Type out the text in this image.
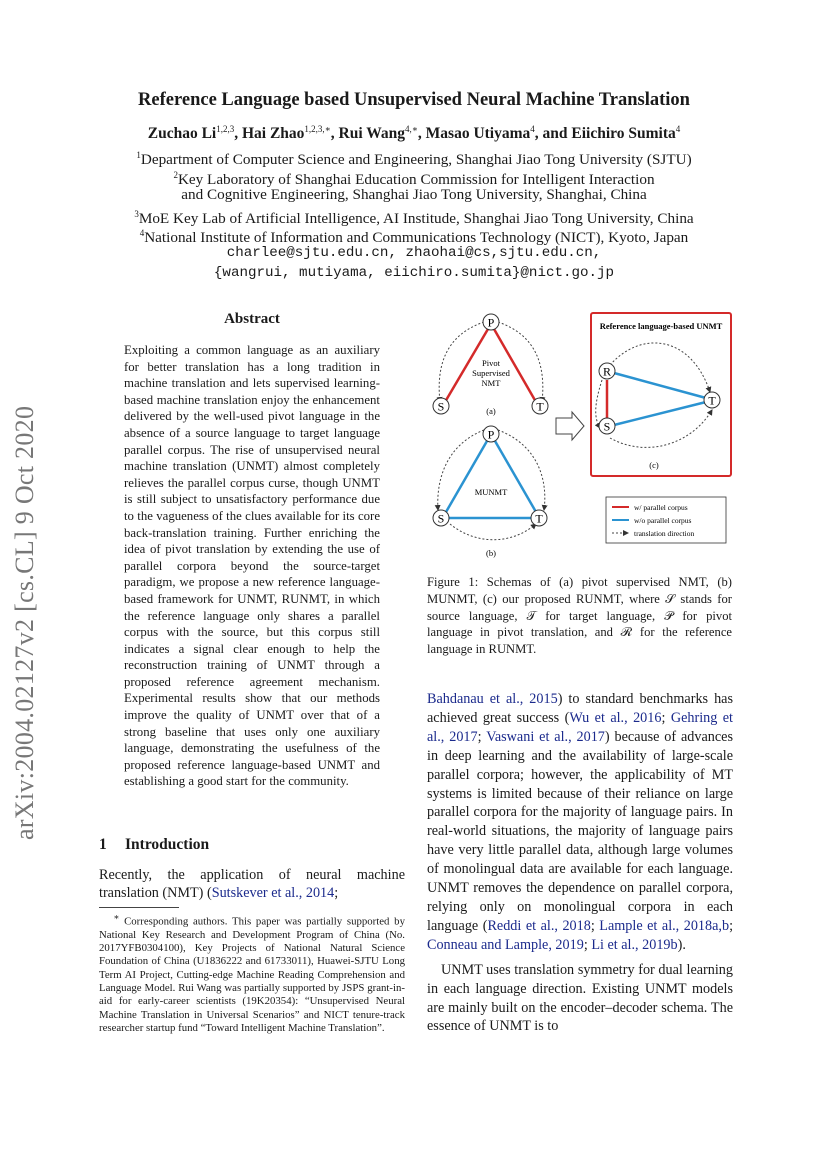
arXiv:2004.02127v2 [cs.CL] 9 Oct 2020
Reference Language based Unsupervised Neural Machine Translation
Zuchao Li$^{1,2,3}$, Hai Zhao$^{1,2,3,∗}$, Rui Wang$^{4,∗}$, Masao Utiyama$^4$, and Eiichiro Sumita$^4$
$^1$Department of Computer Science and Engineering, Shanghai Jiao Tong University (SJTU)
$^2$Key Laboratory of Shanghai Education Commission for Intelligent Interaction
and Cognitive Engineering, Shanghai Jiao Tong University, Shanghai, China
$^3$MoE Key Lab of Artificial Intelligence, AI Institude, Shanghai Jiao Tong University, China
$^4$National Institute of Information and Communications Technology (NICT), Kyoto, Japan
charlee@sjtu.edu.cn, zhaohai@cs,sjtu.edu.cn,
{wangrui, mutiyama, eiichiro.sumita}@nict.go.jp
Abstract
Exploiting a common language as an auxiliary for better translation has a long tradition in machine translation and lets supervised learning-based machine translation enjoy the enhancement delivered by the well-used pivot language in the absence of a source language to target language parallel corpus. The rise of unsupervised neural machine translation (UNMT) almost completely relieves the parallel corpus curse, though UNMT is still subject to unsatisfactory performance due to the vagueness of the clues available for its core back-translation training. Further enriching the idea of pivot translation by extending the use of parallel corpora beyond the source-target paradigm, we propose a new reference language-based framework for UNMT, RUNMT, in which the reference language only shares a parallel corpus with the source, but this corpus still indicates a signal clear enough to help the reconstruction training of UNMT through a proposed reference agreement mechanism. Experimental results show that our methods improve the quality of UNMT over that of a strong baseline that uses only one auxiliary language, demonstrating the usefulness of the proposed reference language-based UNMT and establishing a good start for the community.
1 Introduction
Recently, the application of neural machine translation (NMT) (Sutskever et al., 2014;
∗ Corresponding authors. This paper was partially supported by National Key Research and Development Program of China (No. 2017YFB0304100), Key Projects of National Natural Science Foundation of China (U1836222 and 61733011), Huawei-SJTU Long Term AI Project, Cutting-edge Machine Reading Comprehension and Language Model. Rui Wang was partially supported by JSPS grant-in-aid for early-career scientists (19K20354): “Unsupervised Neural Machine Translation in Universal Scenarios” and NICT tenure-track researcher startup fund “Toward Intelligent Machine Translation”.
P
S	T
Pivot
Supervised
NMT
(a)
P
S	T
MUNMT
(b)
Reference language-based UNMT
R
S
T
(c)
w/ parallel corpus
w/o parallel corpus
translation direction
Figure 1: Schemas of (a) pivot supervised NMT, (b) MUNMT, (c) our proposed RUNMT, where 𝒮 stands for source language, 𝒯 for target language, 𝒫 for pivot language in pivot translation, and ℛ for the reference language in RUNMT.

Bahdanau et al., 2015) to standard benchmarks has achieved great success (Wu et al., 2016; Gehring et al., 2017; Vaswani et al., 2017) because of advances in deep learning and the availability of large-scale parallel corpora; however, the applicability of MT systems is limited because of their reliance on large parallel corpora for the majority of language pairs. In real-world situations, the majority of language pairs have very little parallel data, although large volumes of monolingual data are available for each language. UNMT removes the dependence on parallel corpora, relying only on monolingual corpora in each language (Reddi et al., 2018; Lample et al., 2018a,b; Conneau and Lample, 2019; Li et al., 2019b).

UNMT uses translation symmetry for dual learning in each language direction. Existing UNMT models are mainly built on the encoder–decoder schema. The essence of UNMT is to
